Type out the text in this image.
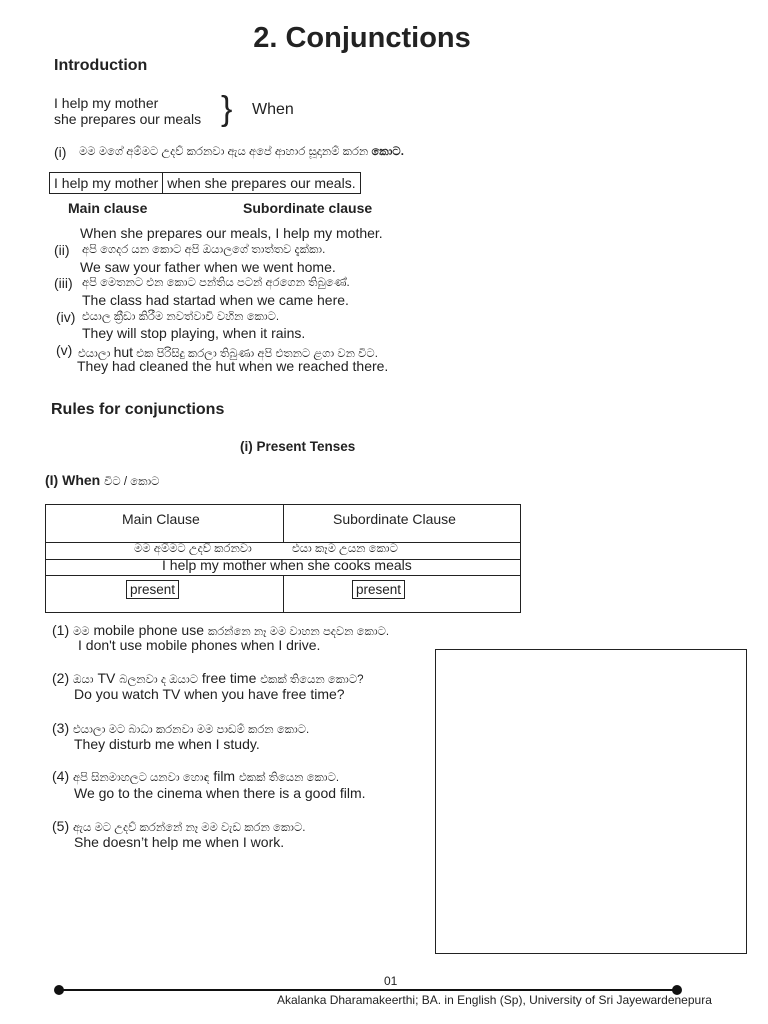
2. Conjunctions
Introduction
I help my mother
she prepares our meals } When
(i) මම මගේ අම්මට උදව් කරනවා ඇය අපේ ආහාර සූදානම් කරන කොට.
I help my mother when she prepares our meals.
Main clause	Subordinate clause
When she prepares our meals, I help my mother.
(ii) අපි ගෙදර යන කොට අපි ඔයාලගේ තාත්තව දැක්කා.
We saw your father when we went home.
(iii) අපි මෙතනට එන කොට පන්තිය පටන් අරගෙන තිබුණේ.
The class had startad when we came here.
(iv) එයාල ක්‍රීඩා කිරීම නවත්වාවි වහින කොට.
They will stop playing, when it rains.
(v) එයාලා hut එක පිරිසිදු කරලා තිබුණා අපි එතනට ළගා වන විට.
They had cleaned the hut when we reached there.
Rules for conjunctions
(i) Present Tenses
(I) When විට / කොට
Main Clause	Subordinate Clause
මම අම්මට උදව් කරනවා	එයා කෑම උයන කොට
I help my mother when she cooks meals
present	present
(1) මම mobile phone use කරන්නෙ නෑ මම වාහන පදවන කොට.
I don't use mobile phones when I drive.
(2) ඔයා TV බලනවා ද ඔයාට free time එකක් තියෙන කොට?
Do you watch TV when you have free time?
(3) එයාලා මට බාධා කරනවා මම පාඩම් කරන කොට.
They disturb me when I study.
(4) අපි සිනමාහලට යනවා හොඳ film එකක් තියෙන කොට.
We go to the cinema when there is a good film.
(5) ඇය මට උදව් කරන්නේ නෑ මම වැඩ කරන කොට.
She doesn’t help me when I work.
01
Akalanka Dharamakeerthi; BA. in English (Sp), University of Sri Jayewardenepura
